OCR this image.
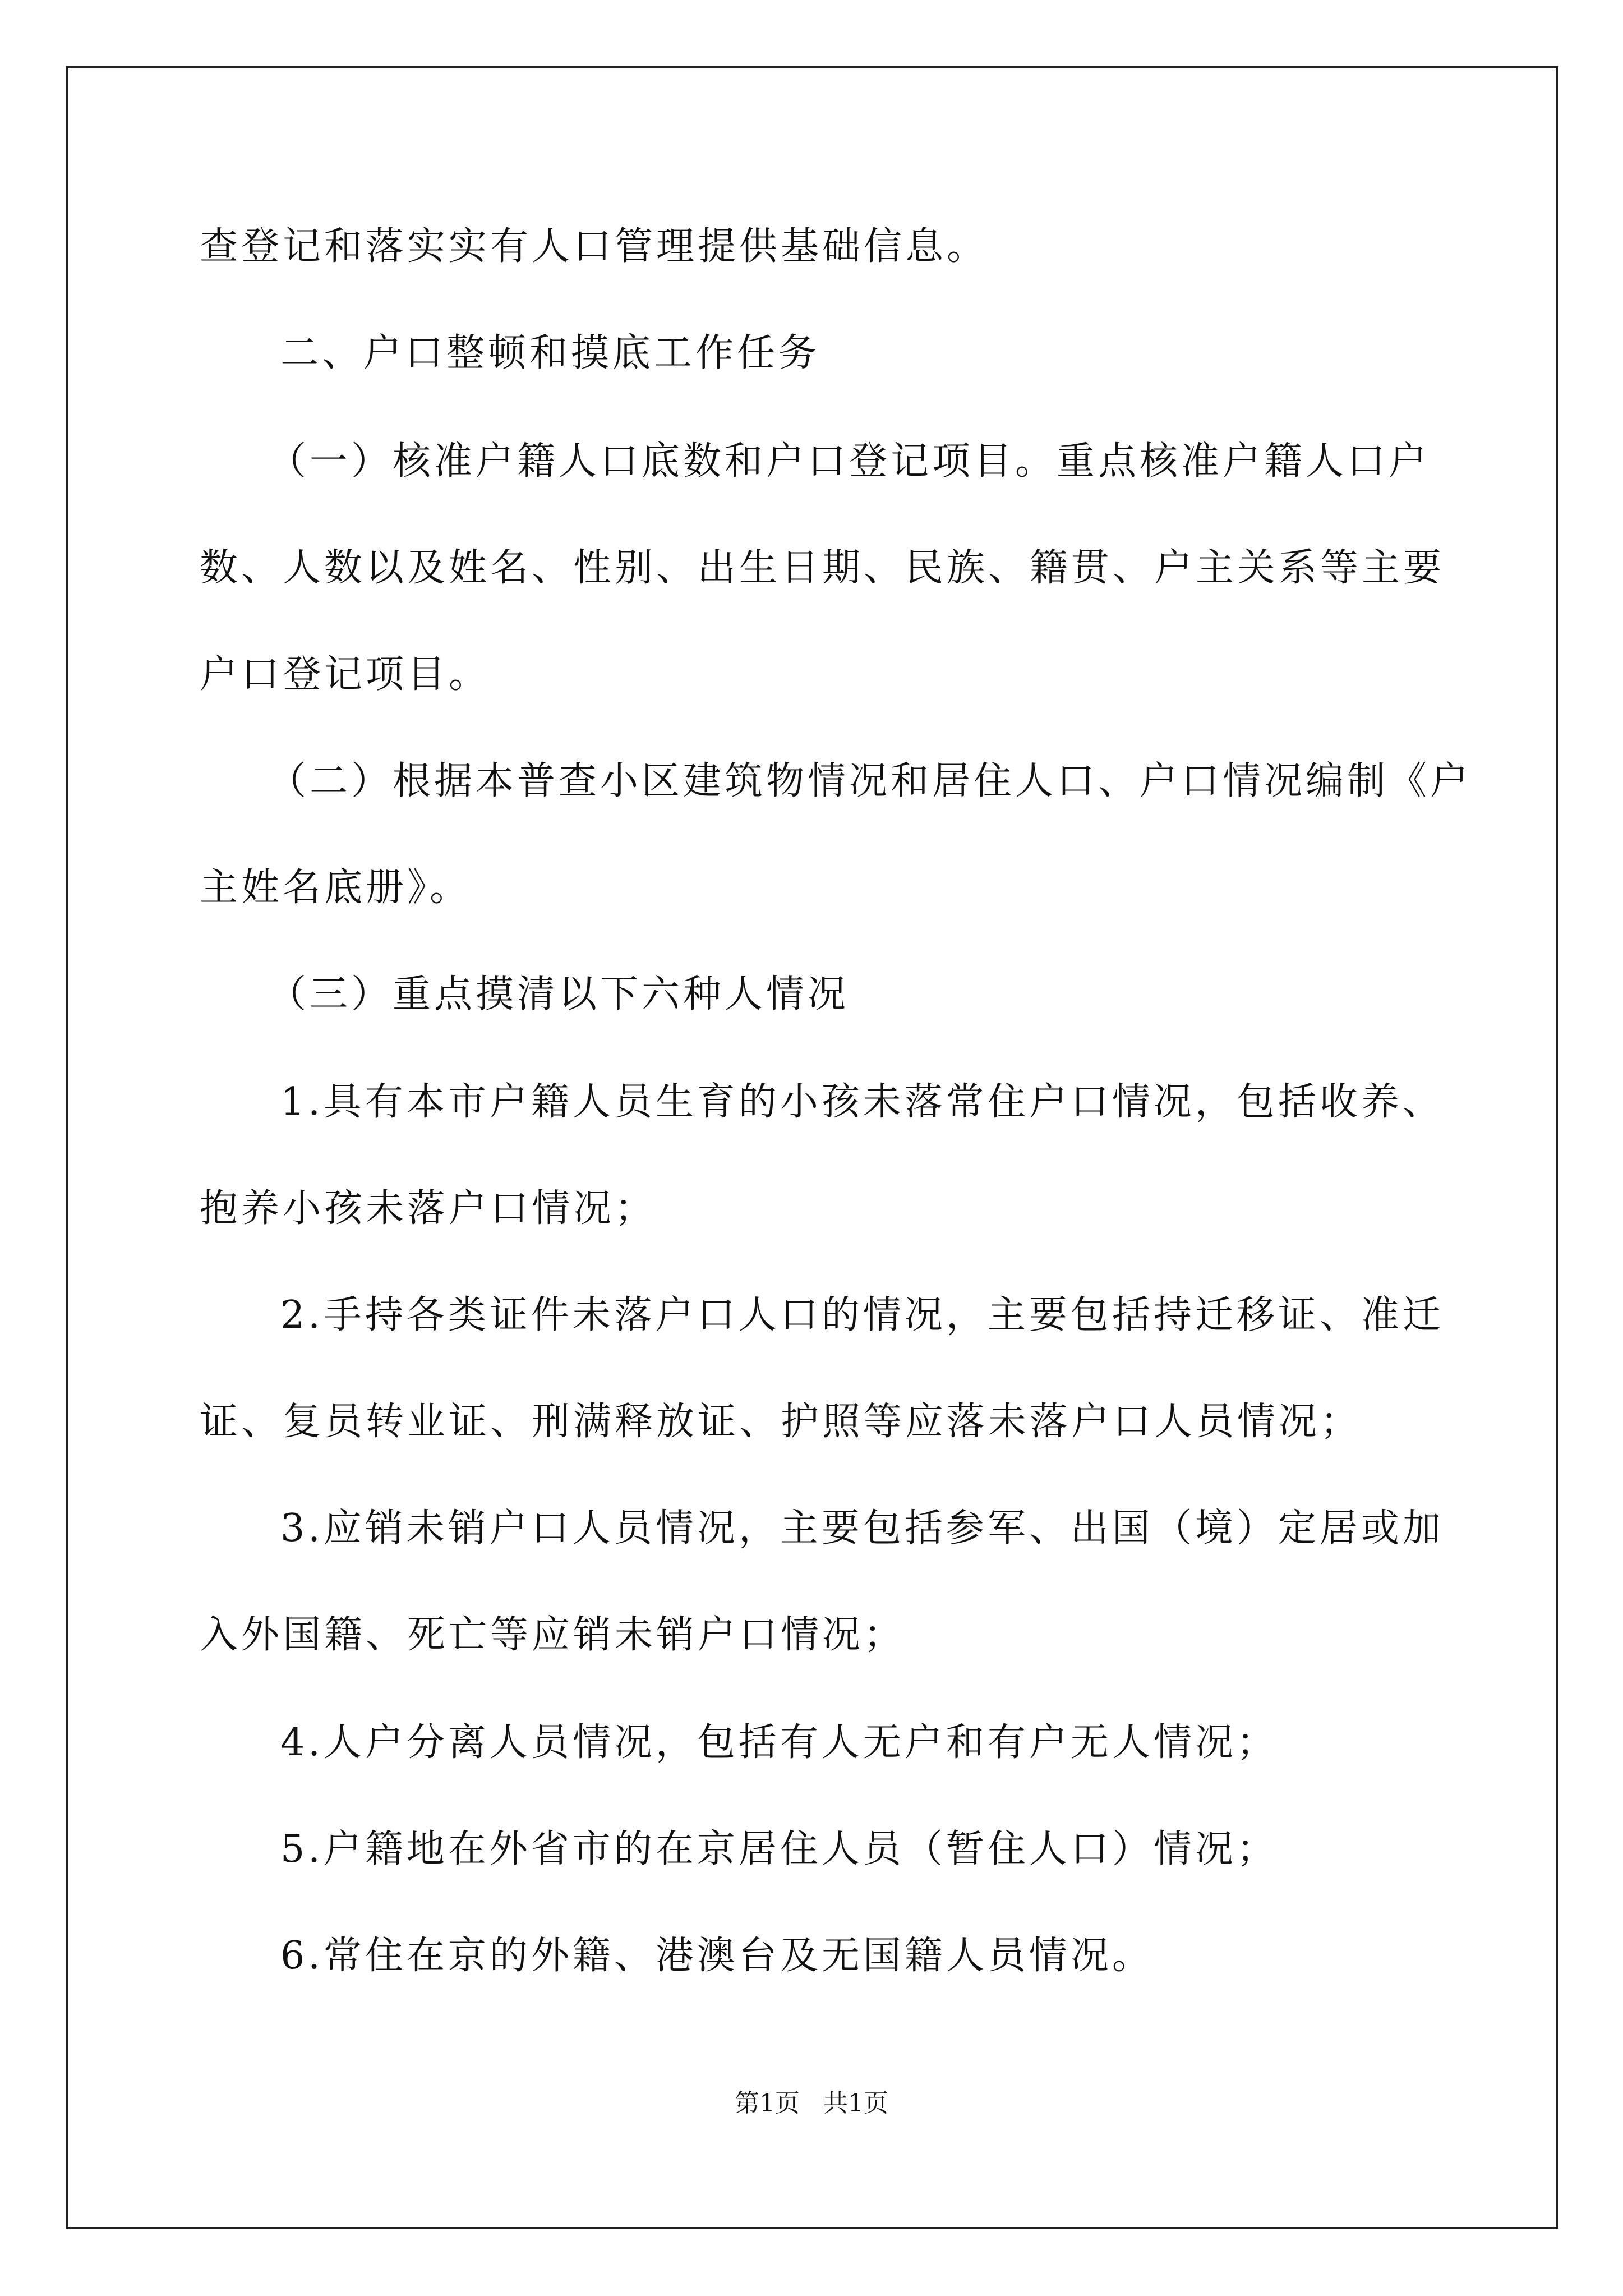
查登记和落实实有人口管理提供基础信息。
二、户口整顿和摸底工作任务
（一）核准户籍人口底数和户口登记项目。重点核准户籍人口户
数、人数以及姓名、性别、出生日期、民族、籍贯、户主关系等主要
户口登记项目。
（二）根据本普查小区建筑物情况和居住人口、户口情况编制《户
主姓名底册》。
（三）重点摸清以下六种人情况
1.具有本市户籍人员生育的小孩未落常住户口情况，包括收养、
抱养小孩未落户口情况；
2.手持各类证件未落户口人口的情况，主要包括持迁移证、准迁
证、复员转业证、刑满释放证、护照等应落未落户口人员情况；
3.应销未销户口人员情况，主要包括参军、出国（境）定居或加
入外国籍、死亡等应销未销户口情况；
4.人户分离人员情况，包括有人无户和有户无人情况；
5.户籍地在外省市的在京居住人员（暂住人口）情况；
6.常住在京的外籍、港澳台及无国籍人员情况。
第1页   共1页
